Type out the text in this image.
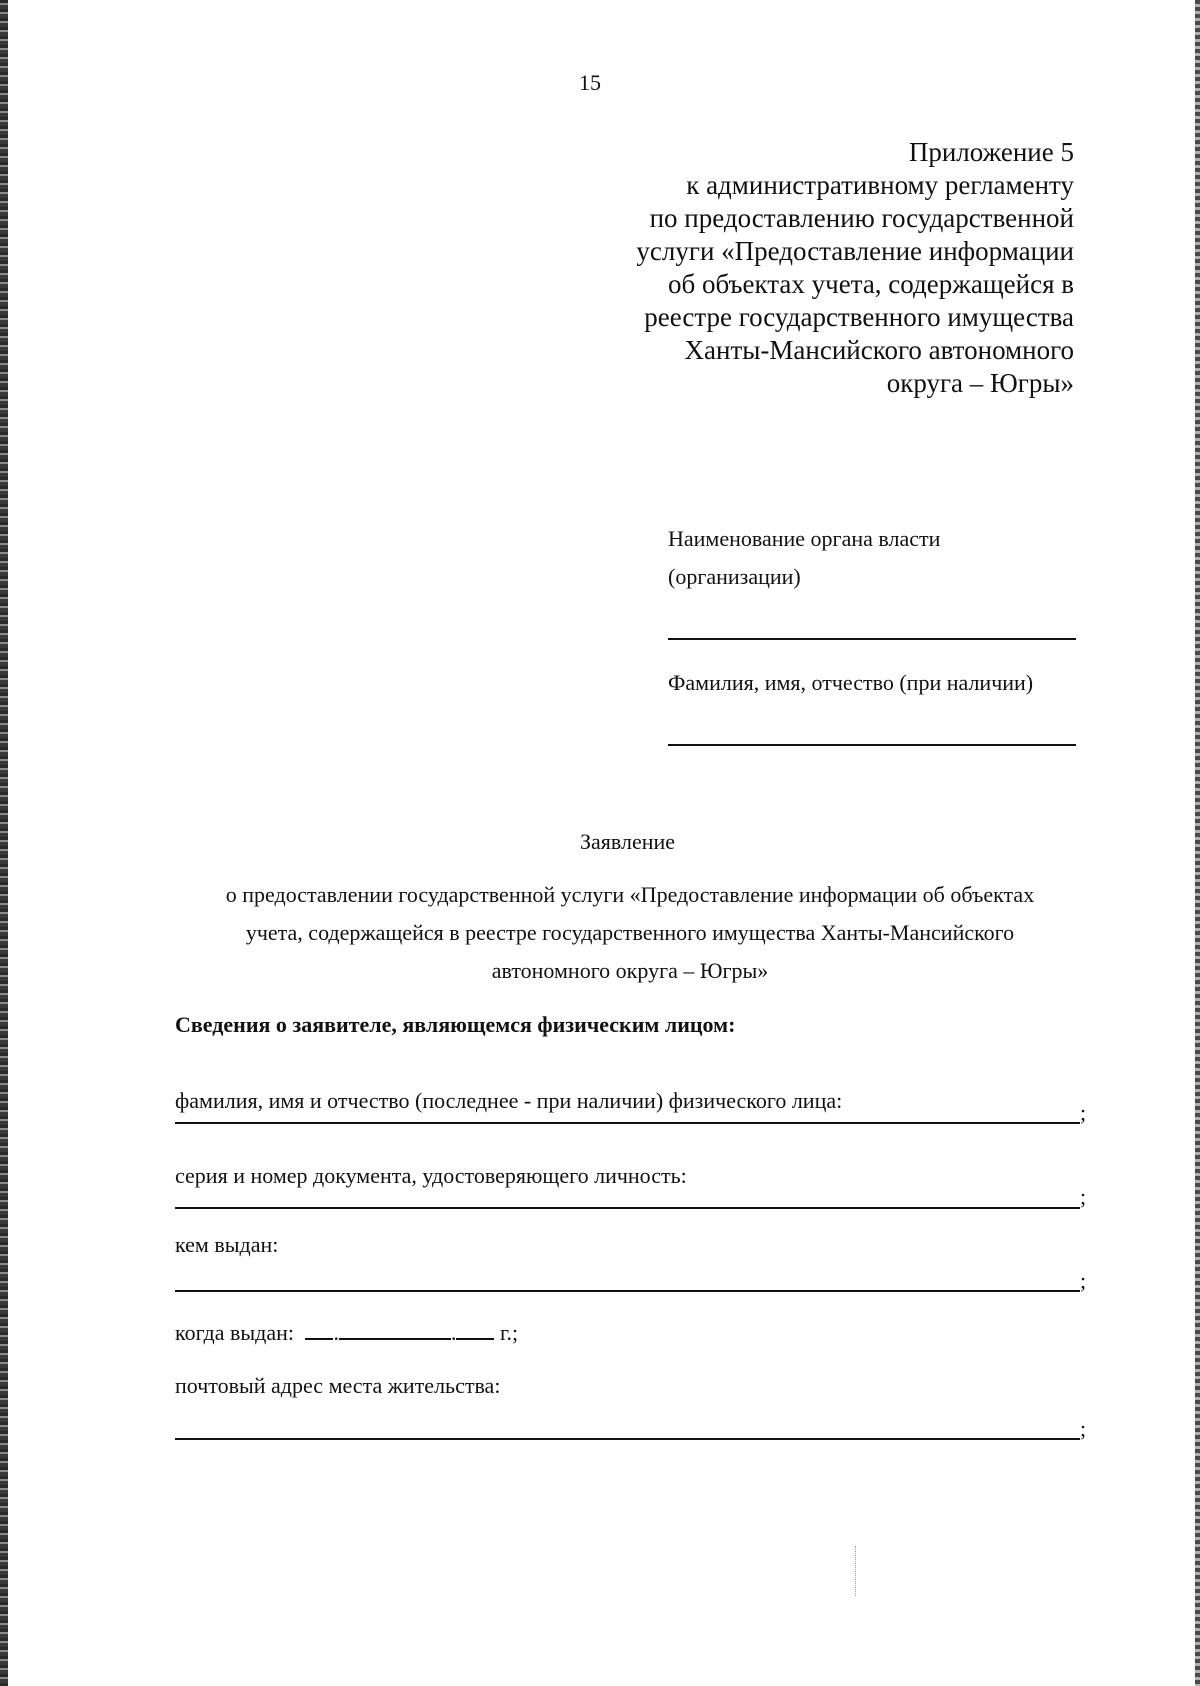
15
Приложение 5
к административному регламенту
по предоставлению государственной
услуги «Предоставление информации
об объектах учета, содержащейся в
реестре государственного имущества
Ханты-Мансийского автономного
округа – Югры»
Наименование органа власти
(организации)
Фамилия, имя, отчество (при наличии)
Заявление
о предоставлении государственной услуги «Предоставление информации об объектах
учета, содержащейся в реестре государственного имущества Ханты-Мансийского
автономного округа – Югры»
Сведения о заявителе, являющемся физическим лицом:
фамилия, имя и отчество (последнее - при наличии) физического лица:	;
серия и номер документа, удостоверяющего личность:
;
кем выдан:
;
когда выдан: .	. г.;
почтовый адрес места жительства:
;
